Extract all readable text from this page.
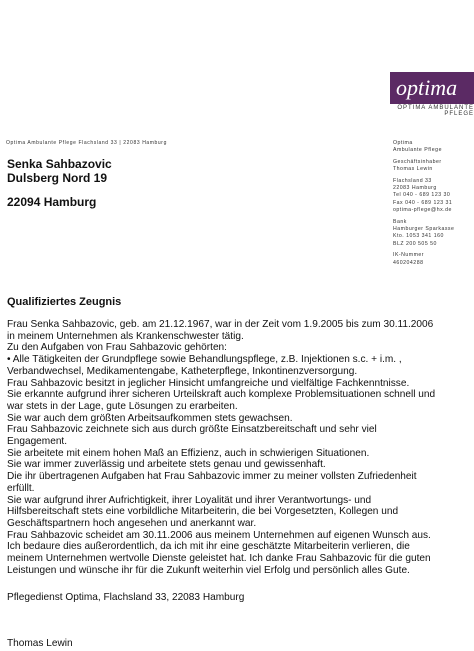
optima
OPTIMA AMBULANTE PFLEGE
Optima Ambulante Pflege Flachsland 33 | 22083 Hamburg	Optima
Ambulante Pflege
Geschäftsinhaber
Thomas Lewin
Flachsland 33
22083 Hamburg
Tel 040 - 689 123 30
Fax 040 - 689 123 31
optima-pflege@hx.de
Bank
Hamburger Sparkasse
Kto. 1053 341 160
BLZ 200 505 50
IK-Nummer
460204288
Senka Sahbazovic
Dulsberg Nord 19
22094 Hamburg
Qualifiziertes Zeugnis

Frau Senka Sahbazovic, geb. am 21.12.1967, war in der Zeit vom 1.9.2005 bis zum 30.11.2006

in meinem Unternehmen als Krankenschwester tätig.

Zu den Aufgaben von Frau Sahbazovic gehörten:

• Alle Tätigkeiten der Grundpflege sowie Behandlungspflege, z.B. Injektionen s.c. + i.m. ,

Verbandwechsel, Medikamentengabe, Katheterpflege, Inkontinenzversorgung.

Frau Sahbazovic besitzt in jeglicher Hinsicht umfangreiche und vielfältige Fachkenntnisse.

Sie erkannte aufgrund ihrer sicheren Urteilskraft auch komplexe Problemsituationen schnell und

war stets in der Lage, gute Lösungen zu erarbeiten.

Sie war auch dem größten Arbeitsaufkommen stets gewachsen.

Frau Sahbazovic zeichnete sich aus durch größte Einsatzbereitschaft und sehr viel

Engagement.

Sie arbeitete mit einem hohen Maß an Effizienz, auch in schwierigen Situationen.

Sie war immer zuverlässig und arbeitete stets genau und gewissenhaft.

Die ihr übertragenen Aufgaben hat Frau Sahbazovic immer zu meiner vollsten Zufriedenheit

erfüllt.

Sie war aufgrund ihrer Aufrichtigkeit, ihrer Loyalität und ihrer Verantwortungs- und

Hilfsbereitschaft stets eine vorbildliche Mitarbeiterin, die bei Vorgesetzten, Kollegen und

Geschäftspartnern hoch angesehen und anerkannt war.

Frau Sahbazovic scheidet am 30.11.2006 aus meinem Unternehmen auf eigenen Wunsch aus.

Ich bedaure dies außerordentlich, da ich mit ihr eine geschätzte Mitarbeiterin verlieren, die

meinem Unternehmen wertvolle Dienste geleistet hat. Ich danke Frau Sahbazovic für die guten

Leistungen und wünsche ihr für die Zukunft weiterhin viel Erfolg und persönlich alles Gute.

Pflegedienst Optima, Flachsland 33, 22083 Hamburg
Thomas Lewin
